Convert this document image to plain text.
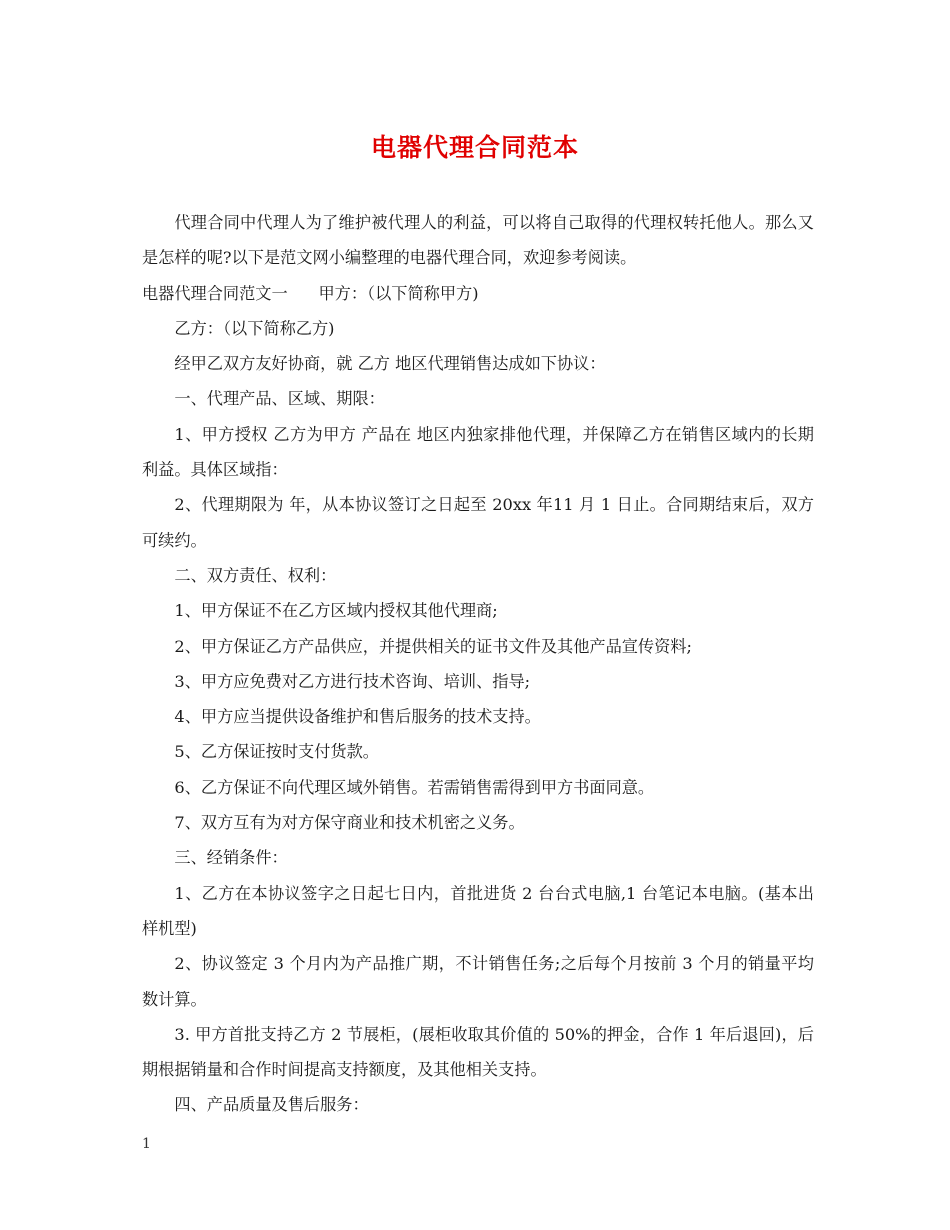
电器代理合同范本

代理合同中代理人为了维护被代理人的利益，可以将自己取得的代理权转托他人。那么又是怎样的呢?以下是范文网小编整理的电器代理合同，欢迎参考阅读。

电器代理合同范文一 甲方：（以下简称甲方)

乙方：（以下简称乙方)

经甲乙双方友好协商，就 乙方 地区代理销售达成如下协议：

一、代理产品、区域、期限：

1、甲方授权 乙方为甲方 产品在 地区内独家排他代理，并保障乙方在销售区域内的长期利益。具体区域指：

2、代理期限为 年，从本协议签订之日起至 20xx 年11 月 1 日止。合同期结束后，双方可续约。

二、双方责任、权利：

1、甲方保证不在乙方区域内授权其他代理商;

2、甲方保证乙方产品供应，并提供相关的证书文件及其他产品宣传资料;

3、甲方应免费对乙方进行技术咨询、培训、指导;

4、甲方应当提供设备维护和售后服务的技术支持。

5、乙方保证按时支付货款。

6、乙方保证不向代理区域外销售。若需销售需得到甲方书面同意。

7、双方互有为对方保守商业和技术机密之义务。

三、经销条件：

1、乙方在本协议签字之日起七日内，首批进货 2 台台式电脑,1 台笔记本电脑。(基本出样机型)

2、协议签定 3 个月内为产品推广期，不计销售任务;之后每个月按前 3 个月的销量平均数计算。

3. 甲方首批支持乙方 2 节展柜，(展柜收取其价值的 50%的押金，合作 1 年后退回)，后期根据销量和合作时间提高支持额度，及其他相关支持。

四、产品质量及售后服务：

1
